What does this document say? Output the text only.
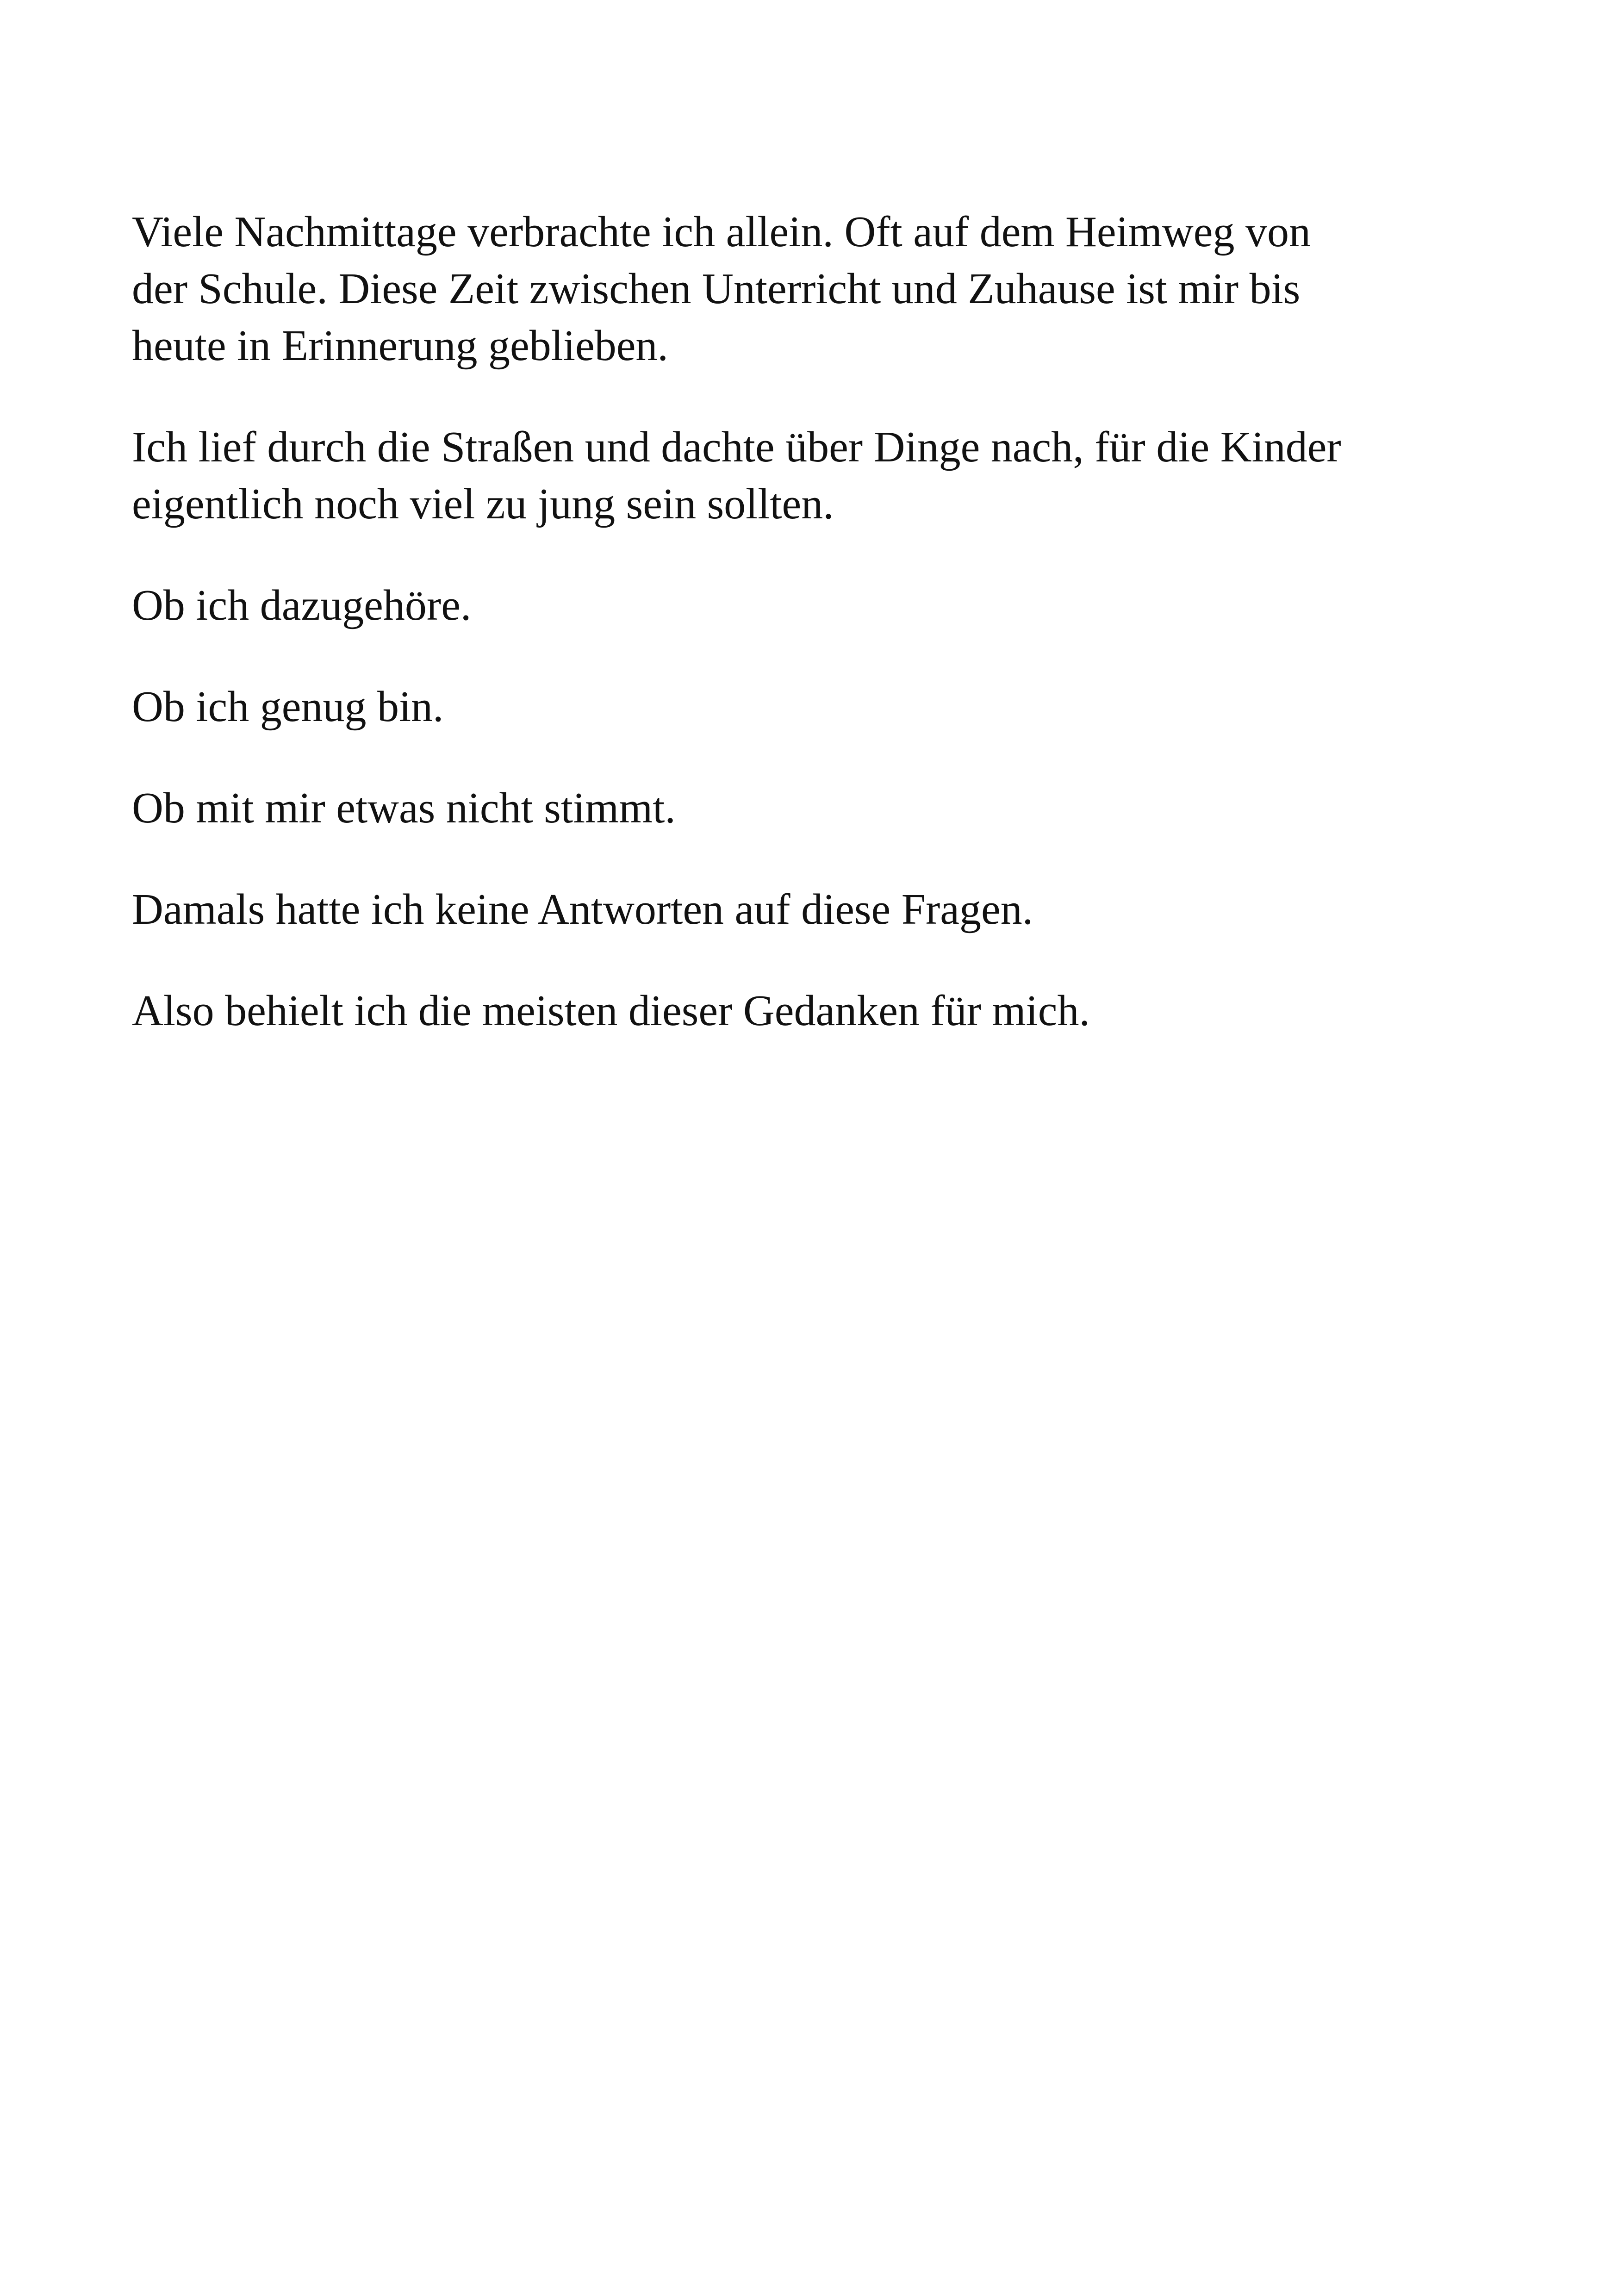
Viele Nachmittage verbrachte ich allein. Oft auf dem Heimweg von
der Schule. Diese Zeit zwischen Unterricht und Zuhause ist mir bis
heute in Erinnerung geblieben.

Ich lief durch die Straßen und dachte über Dinge nach, für die Kinder
eigentlich noch viel zu jung sein sollten.

Ob ich dazugehöre.

Ob ich genug bin.

Ob mit mir etwas nicht stimmt.

Damals hatte ich keine Antworten auf diese Fragen.

Also behielt ich die meisten dieser Gedanken für mich.
